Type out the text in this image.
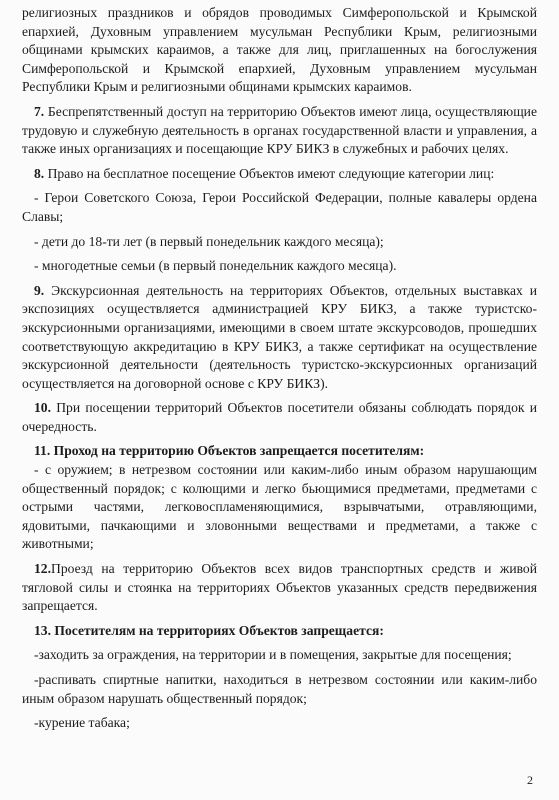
религиозных праздников и обрядов проводимых Симферопольской и Крымской епархией, Духовным управлением мусульман Республики Крым, религиозными общинами крымских караимов, а также для лиц, приглашенных на богослужения Симферопольской и Крымской епархией, Духовным управлением мусульман Республики Крым и религиозными общинами крымских караимов.

7. Беспрепятственный доступ на территорию Объектов имеют лица, осуществляющие трудовую и служебную деятельность в органах государственной власти и управления, а также иных организациях и посещающие КРУ БИКЗ в служебных и рабочих целях.

8. Право на бесплатное посещение Объектов имеют следующие категории лиц:

- Герои Советского Союза, Герои Российской Федерации, полные кавалеры ордена Славы;

- дети до 18-ти лет (в первый понедельник каждого месяца);

- многодетные семьи (в первый понедельник каждого месяца).

9. Экскурсионная деятельность на территориях Объектов, отдельных выставках и экспозициях осуществляется администрацией КРУ БИКЗ, а также туристско-экскурсионными организациями, имеющими в своем штате экскурсоводов, прошедших соответствующую аккредитацию в КРУ БИКЗ, а также сертификат на осуществление экскурсионной деятельности (деятельность туристско-экскурсионных организаций осуществляется на договорной основе с КРУ БИКЗ).

10. При посещении территорий Объектов посетители обязаны соблюдать порядок и очередность.

11. Проход на территорию Объектов запрещается посетителям:

- с оружием; в нетрезвом состоянии или каким-либо иным образом нарушающим общественный порядок; с колющими и легко бьющимися предметами, предметами с острыми частями, легковоспламеняющимися, взрывчатыми, отравляющими, ядовитыми, пачкающими и зловонными веществами и предметами, а также с животными;

12.Проезд на территорию Объектов всех видов транспортных средств и живой тягловой силы и стоянка на территориях Объектов указанных средств передвижения запрещается.

13. Посетителям на территориях Объектов запрещается:

-заходить за ограждения, на территории и в помещения, закрытые для посещения;

-распивать спиртные напитки, находиться в нетрезвом состоянии или каким-либо иным образом нарушать общественный порядок;

-курение табака;

2
